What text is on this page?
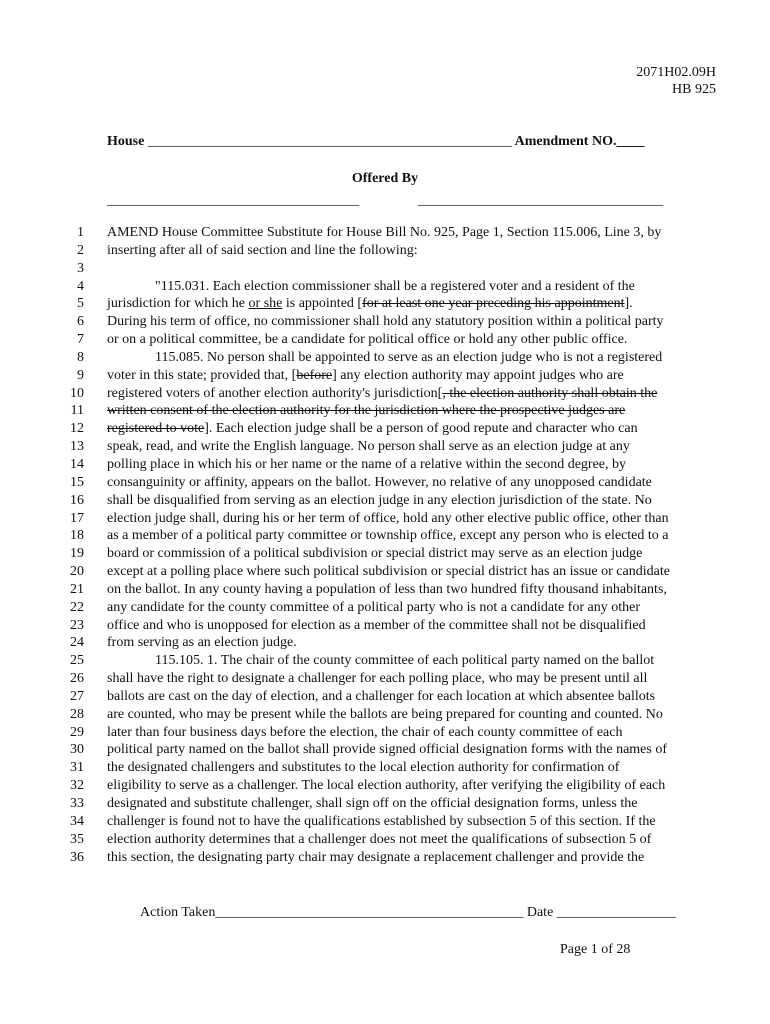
2071H02.09H
HB 925
House ____________________________________________________ Amendment NO.____
Offered By
____________________________________	___________________________________
1 AMEND House Committee Substitute for House Bill No. 925, Page 1, Section 115.006, Line 3, by
2 inserting after all of said section and line the following:
3
4	"115.031. Each election commissioner shall be a registered voter and a resident of the
5 jurisdiction for which he or she is appointed [for at least one year preceding his appointment].
6 During his term of office, no commissioner shall hold any statutory position within a political party
7 or on a political committee, be a candidate for political office or hold any other public office.
8	115.085. No person shall be appointed to serve as an election judge who is not a registered
9 voter in this state; provided that, [before] any election authority may appoint judges who are
10 registered voters of another election authority's jurisdiction[, the election authority shall obtain the
11 written consent of the election authority for the jurisdiction where the prospective judges are
12 registered to vote]. Each election judge shall be a person of good repute and character who can
13 speak, read, and write the English language. No person shall serve as an election judge at any
14 polling place in which his or her name or the name of a relative within the second degree, by
15 consanguinity or affinity, appears on the ballot. However, no relative of any unopposed candidate
16 shall be disqualified from serving as an election judge in any election jurisdiction of the state. No
17 election judge shall, during his or her term of office, hold any other elective public office, other than
18 as a member of a political party committee or township office, except any person who is elected to a
19 board or commission of a political subdivision or special district may serve as an election judge
20 except at a polling place where such political subdivision or special district has an issue or candidate
21 on the ballot. In any county having a population of less than two hundred fifty thousand inhabitants,
22 any candidate for the county committee of a political party who is not a candidate for any other
23 office and who is unopposed for election as a member of the committee shall not be disqualified
24 from serving as an election judge.
25	115.105. 1. The chair of the county committee of each political party named on the ballot
26 shall have the right to designate a challenger for each polling place, who may be present until all
27 ballots are cast on the day of election, and a challenger for each location at which absentee ballots
28 are counted, who may be present while the ballots are being prepared for counting and counted. No
29 later than four business days before the election, the chair of each county committee of each
30 political party named on the ballot shall provide signed official designation forms with the names of
31 the designated challengers and substitutes to the local election authority for confirmation of
32 eligibility to serve as a challenger. The local election authority, after verifying the eligibility of each
33 designated and substitute challenger, shall sign off on the official designation forms, unless the
34 challenger is found not to have the qualifications established by subsection 5 of this section. If the
35 election authority determines that a challenger does not meet the qualifications of subsection 5 of
36 this section, the designating party chair may designate a replacement challenger and provide the
Action Taken____________________________________________ Date _________________
Page 1 of 28
